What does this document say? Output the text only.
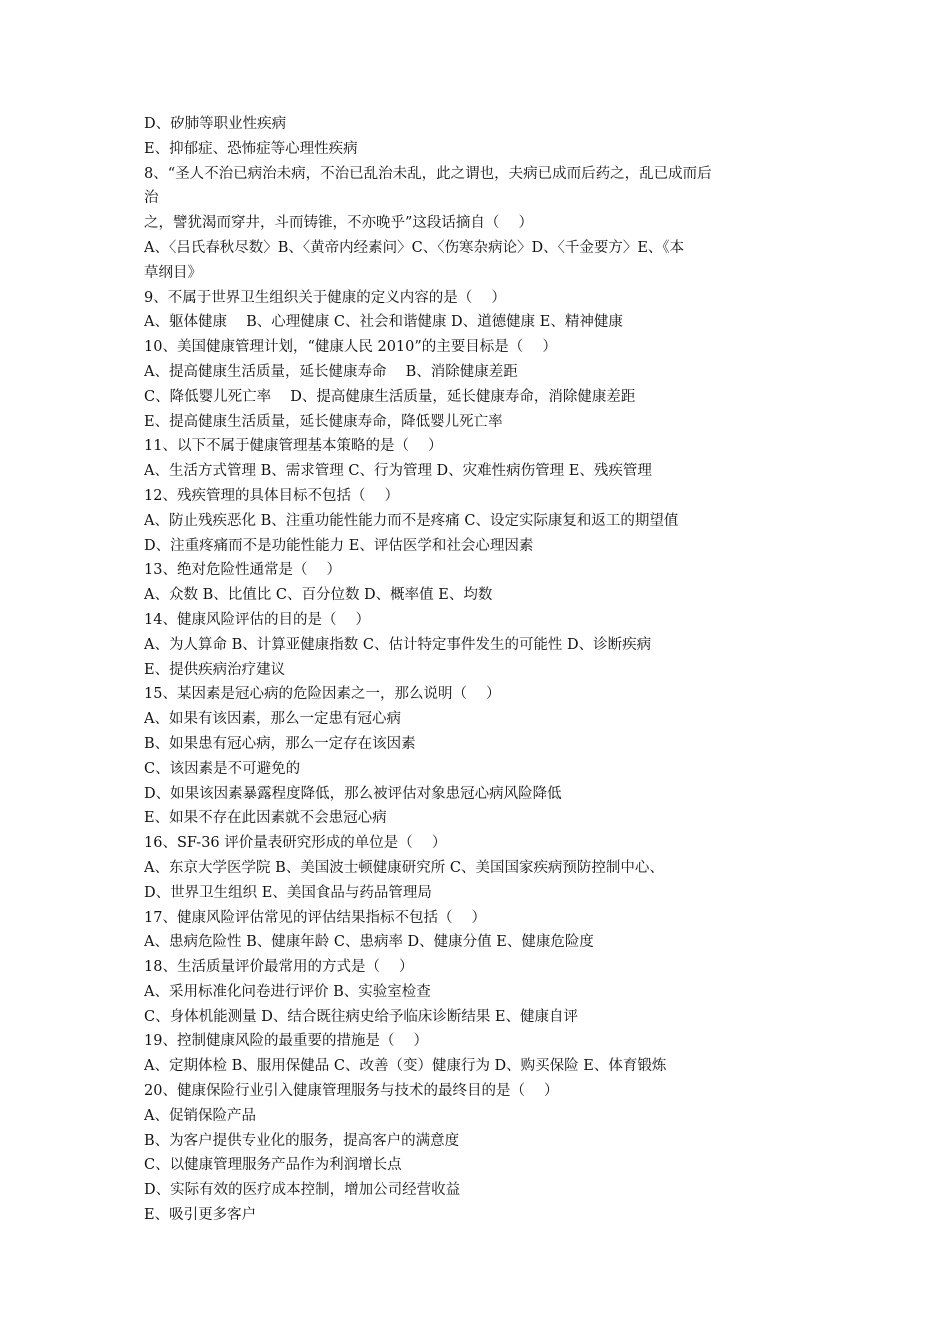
D、矽肺等职业性疾病
E、抑郁症、恐怖症等心理性疾病
8、“圣人不治已病治未病，不治已乱治未乱，此之谓也，夫病已成而后药之，乱已成而后
治
之，譬犹渴而穿井，斗而铸锥，不亦晚乎”这段话摘自（　 ）
A、〈吕氏春秋尽数〉B、〈黄帝内经素问〉C、〈伤寒杂病论〉D、〈千金要方〉E、《本
草纲目》
9、不属于世界卫生组织关于健康的定义内容的是（　 ）
A、躯体健康　 B、心理健康 C、社会和谐健康 D、道德健康 E、精神健康
10、美国健康管理计划，“健康人民 2010”的主要目标是（　 ）
A、提高健康生活质量，延长健康寿命　 B、消除健康差距
C、降低婴儿死亡率　 D、提高健康生活质量，延长健康寿命，消除健康差距
E、提高健康生活质量，延长健康寿命，降低婴儿死亡率
11、以下不属于健康管理基本策略的是（　 ）
A、生活方式管理 B、需求管理 C、行为管理 D、灾难性病伤管理 E、残疾管理
12、残疾管理的具体目标不包括（　 ）
A、防止残疾恶化 B、注重功能性能力而不是疼痛 C、设定实际康复和返工的期望值
D、注重疼痛而不是功能性能力 E、评估医学和社会心理因素
13、绝对危险性通常是（　 ）
A、众数 B、比值比 C、百分位数 D、概率值 E、均数
14、健康风险评估的目的是（　 ）
A、为人算命 B、计算亚健康指数 C、估计特定事件发生的可能性 D、诊断疾病
E、提供疾病治疗建议
15、某因素是冠心病的危险因素之一，那么说明（　 ）
A、如果有该因素，那么一定患有冠心病
B、如果患有冠心病，那么一定存在该因素
C、该因素是不可避免的
D、如果该因素暴露程度降低，那么被评估对象患冠心病风险降低
E、如果不存在此因素就不会患冠心病
16、SF-36 评价量表研究形成的单位是（　 ）
A、东京大学医学院 B、美国波士顿健康研究所 C、美国国家疾病预防控制中心、
D、世界卫生组织 E、美国食品与药品管理局
17、健康风险评估常见的评估结果指标不包括（　 ）
A、患病危险性 B、健康年龄 C、患病率 D、健康分值 E、健康危险度
18、生活质量评价最常用的方式是（　 ）
A、采用标准化问卷进行评价 B、实验室检查
C、身体机能测量 D、结合既往病史给予临床诊断结果 E、健康自评
19、控制健康风险的最重要的措施是（　 ）
A、定期体检 B、服用保健品 C、改善（变）健康行为 D、购买保险 E、体育锻炼
20、健康保险行业引入健康管理服务与技术的最终目的是（　 ）
A、促销保险产品
B、为客户提供专业化的服务，提高客户的满意度
C、以健康管理服务产品作为利润增长点
D、实际有效的医疗成本控制，增加公司经营收益
E、吸引更多客户
